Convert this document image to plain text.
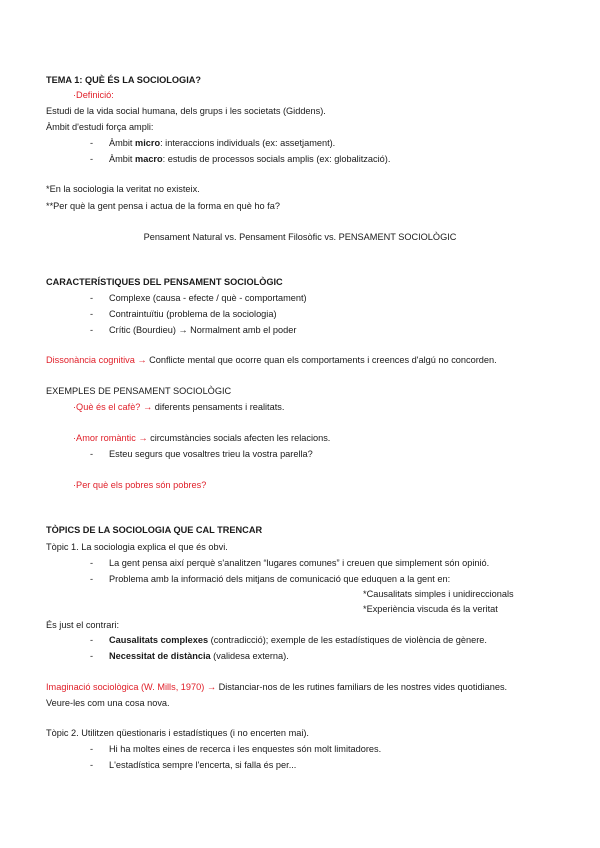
TEMA 1: QUÈ ÉS LA SOCIOLOGIA?
·Definició:
Estudi de la vida social humana, dels grups i les societats (Giddens).
Àmbit d'estudi força ampli:
- Àmbit micro: interaccions individuals (ex: assetjament).
- Àmbit macro: estudis de processos socials amplis (ex: globalització).
*En la sociologia la veritat no existeix.
**Per què la gent pensa i actua de la forma en què ho fa?
Pensament Natural vs. Pensament Filosòfic vs. PENSAMENT SOCIOLÒGIC
CARACTERÍSTIQUES DEL PENSAMENT SOCIOLÒGIC
- Complexe (causa - efecte / què - comportament)
- Contraintuïtiu (problema de la sociologia)
- Crític (Bourdieu) → Normalment amb el poder
Dissonància cognitiva → Conflicte mental que ocorre quan els comportaments i creences d'algú no concorden.
EXEMPLES DE PENSAMENT SOCIOLÒGIC
·Què és el cafè? → diferents pensaments i realitats.
·Amor romàntic → circumstàncies socials afecten les relacions.
- Esteu segurs que vosaltres trieu la vostra parella?
·Per què els pobres són pobres?
TÒPICS DE LA SOCIOLOGIA QUE CAL TRENCAR
Tòpic 1. La sociologia explica el que és obvi.
- La gent pensa així perquè s'analitzen “lugares comunes” i creuen que simplement són opinió.
- Problema amb la informació dels mitjans de comunicació que eduquen a la gent en:
*Causalitats simples i unidireccionals
*Experiència viscuda és la veritat
És just el contrari:
- Causalitats complexes (contradicció); exemple de les estadístiques de violència de gènere.
- Necessitat de distància (validesa externa).
Imaginació sociològica (W. Mills, 1970) → Distanciar-nos de les rutines familiars de les nostres vides quotidianes.
Veure-les com una cosa nova.
Tòpic 2. Utilitzen qüestionaris i estadístiques (i no encerten mai).
- Hi ha moltes eines de recerca i les enquestes són molt limitadores.
- L'estadística sempre l'encerta, si falla és per...
